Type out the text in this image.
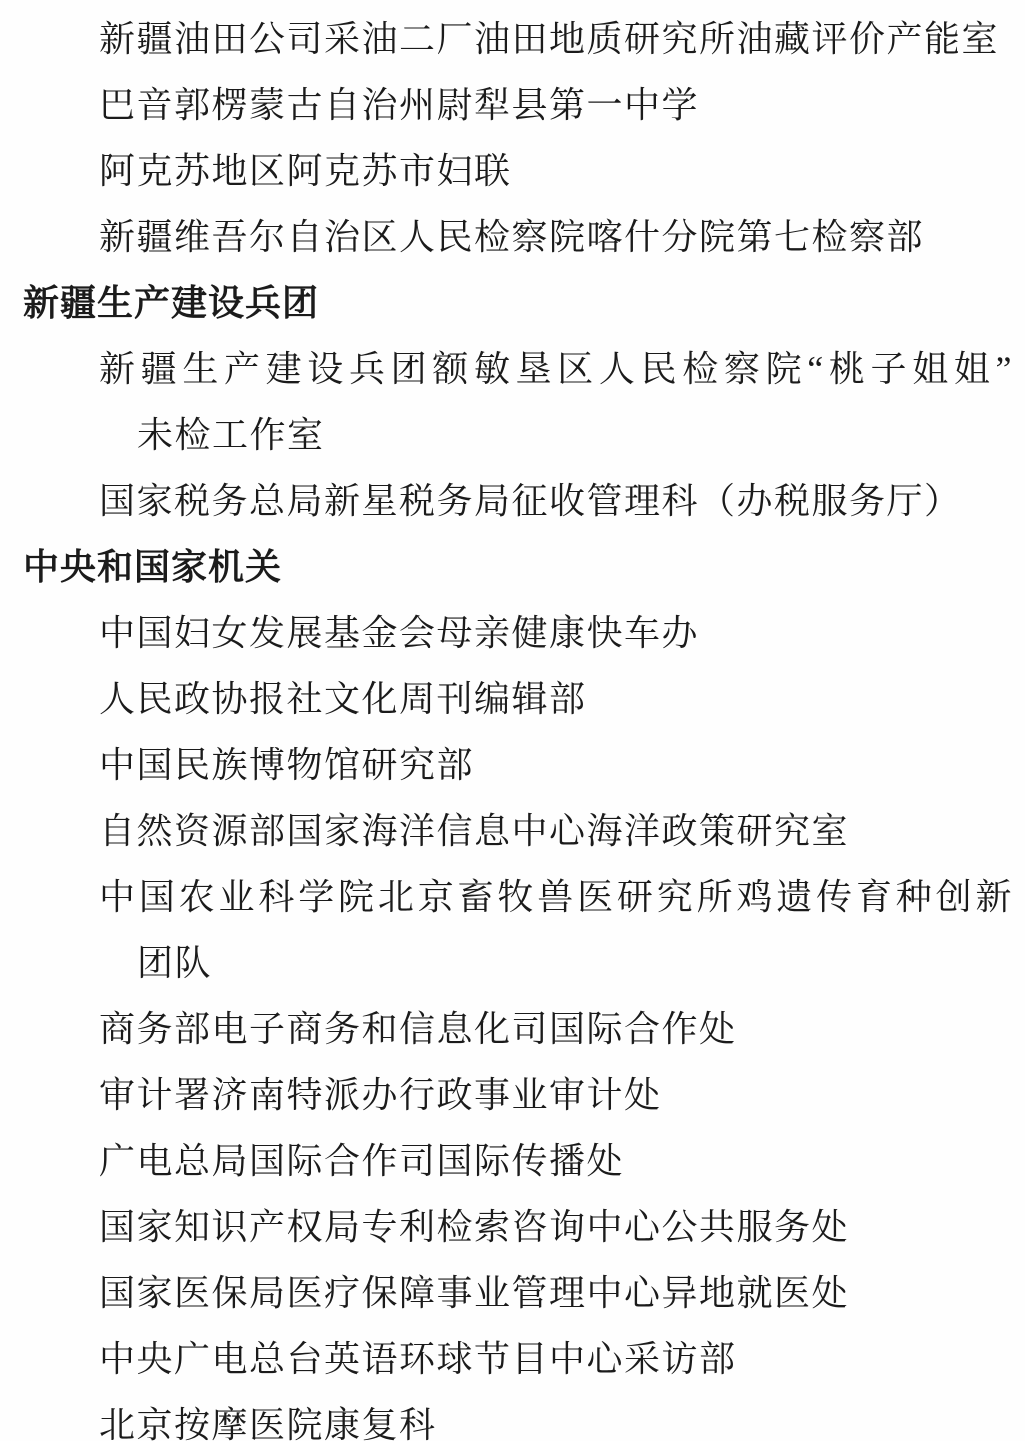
新疆油田公司采油二厂油田地质研究所油藏评价产能室
巴音郭楞蒙古自治州尉犁县第一中学
阿克苏地区阿克苏市妇联
新疆维吾尔自治区人民检察院喀什分院第七检察部
新疆生产建设兵团
新疆生产建设兵团额敏垦区人民检察院“桃子姐姐”
未检工作室
国家税务总局新星税务局征收管理科（办税服务厅）
中央和国家机关
中国妇女发展基金会母亲健康快车办
人民政协报社文化周刊编辑部
中国民族博物馆研究部
自然资源部国家海洋信息中心海洋政策研究室
中国农业科学院北京畜牧兽医研究所鸡遗传育种创新
团队
商务部电子商务和信息化司国际合作处
审计署济南特派办行政事业审计处
广电总局国际合作司国际传播处
国家知识产权局专利检索咨询中心公共服务处
国家医保局医疗保障事业管理中心异地就医处
中央广电总台英语环球节目中心采访部
北京按摩医院康复科
